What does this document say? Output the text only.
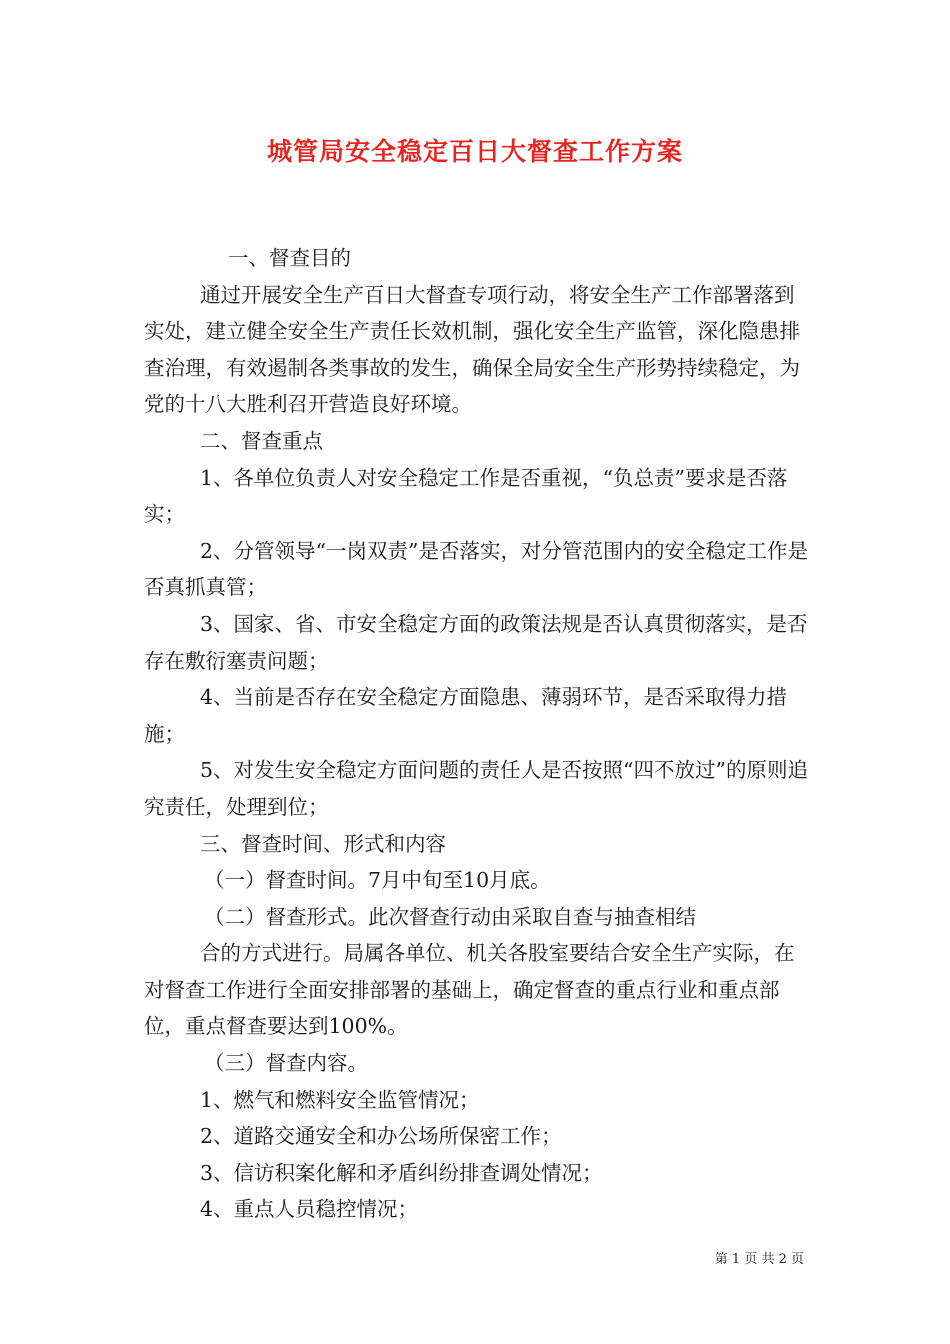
城管局安全稳定百日大督查工作方案

一、督查目的

通过开展安全生产百日大督查专项行动，将安全生产工作部署落到实处，建立健全安全生产责任长效机制，强化安全生产监管，深化隐患排查治理，有效遏制各类事故的发生，确保全局安全生产形势持续稳定，为党的十八大胜利召开营造良好环境。

二、督查重点

1、各单位负责人对安全稳定工作是否重视，“负总责”要求是否落实；

2、分管领导“一岗双责”是否落实，对分管范围内的安全稳定工作是否真抓真管；

3、国家、省、市安全稳定方面的政策法规是否认真贯彻落实，是否存在敷衍塞责问题；

4、当前是否存在安全稳定方面隐患、薄弱环节，是否采取得力措施；

5、对发生安全稳定方面问题的责任人是否按照“四不放过”的原则追究责任，处理到位；

三、督查时间、形式和内容

（一）督查时间。7月中旬至10月底。

（二）督查形式。此次督查行动由采取自查与抽查相结

合的方式进行。局属各单位、机关各股室要结合安全生产实际，在对督查工作进行全面安排部署的基础上，确定督查的重点行业和重点部位，重点督查要达到100%。

（三）督查内容。

1、燃气和燃料安全监管情况；

2、道路交通安全和办公场所保密工作；

3、信访积案化解和矛盾纠纷排查调处情况；

4、重点人员稳控情况；

第 1 页 共 2 页
